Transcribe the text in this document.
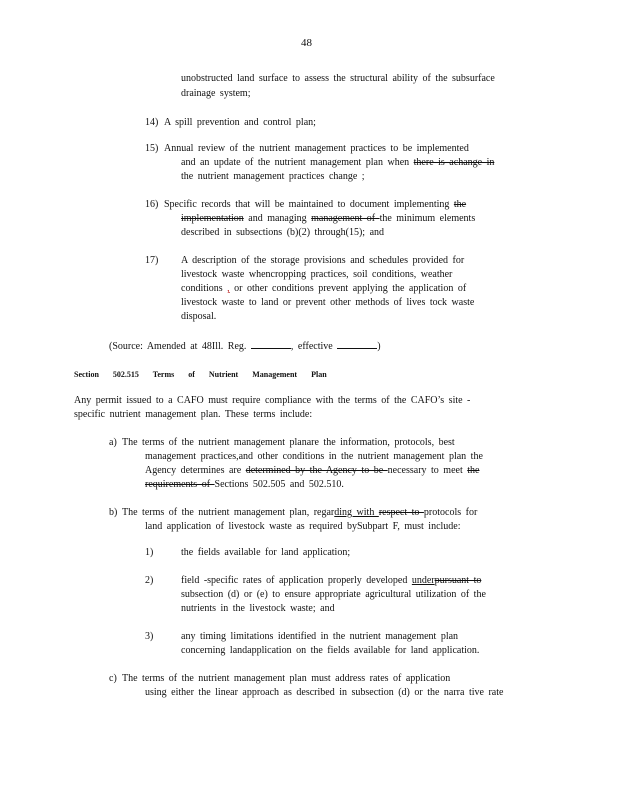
48
unobstructed land surface to assess the structural ability of the subsurface
drainage system;
14) A spill prevention and control plan;
15) Annual review of the nutrient management practices to be implemented
and an update of the nutrient management plan when there is achange in
the nutrient management practices change ;
16) Specific records that will be maintained to document implementing the
implementation and managing management of the minimum elements
described in subsections (b)(2) through(15); and
17) A description of the storage provisions and schedules provided for
livestock waste whencropping practices, soil conditions, weather
conditions , or other conditions prevent applying the application of
livestock waste to land or prevent other methods of lives tock waste
disposal.
(Source: Amended at 48Ill. Reg.	, effective	)
Section 502.515 Terms of Nutrient Management Plan
Any permit issued to a CAFO must require compliance with the terms of the CAFO’s site -
specific nutrient management plan. These terms include:
a) The terms of the nutrient management planare the information, protocols, best
management practices,and other conditions in the nutrient management plan the
Agency determines are determined by the Agency to be necessary to meet the
requirements of Sections 502.505 and 502.510.
b) The terms of the nutrient management plan, regarding with respect to protocols for
land application of livestock waste as required bySubpart F, must include:
1)	the fields available for land application;
2)	field -specific rates of application properly developed underpursuant to
subsection (d) or (e) to ensure appropriate agricultural utilization of the
nutrients in the livestock waste; and
3)	any timing limitations identified in the nutrient management plan
concerning landapplication on the fields available for land application.
c) The terms of the nutrient management plan must address rates of application
using either the linear approach as described in subsection (d) or the narra tive rate
